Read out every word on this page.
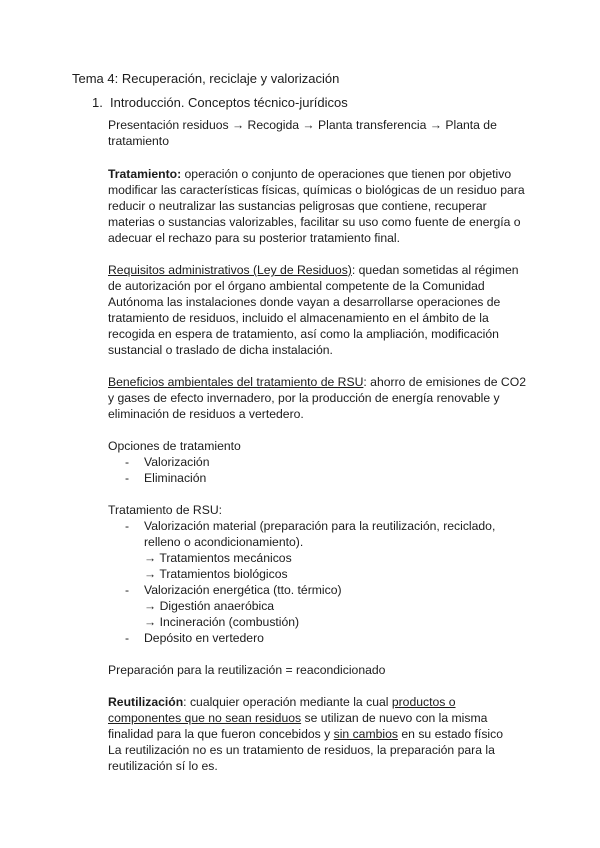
Tema 4: Recuperación, reciclaje y valorización
1. Introducción. Conceptos técnico-jurídicos
Presentación residuos → Recogida → Planta transferencia → Planta de
tratamiento
Tratamiento: operación o conjunto de operaciones que tienen por objetivo
modificar las características físicas, químicas o biológicas de un residuo para
reducir o neutralizar las sustancias peligrosas que contiene, recuperar
materias o sustancias valorizables, facilitar su uso como fuente de energía o
adecuar el rechazo para su posterior tratamiento final.
Requisitos administrativos (Ley de Residuos): quedan sometidas al régimen
de autorización por el órgano ambiental competente de la Comunidad
Autónoma las instalaciones donde vayan a desarrollarse operaciones de
tratamiento de residuos, incluido el almacenamiento en el ámbito de la
recogida en espera de tratamiento, así como la ampliación, modificación
sustancial o traslado de dicha instalación.
Beneficios ambientales del tratamiento de RSU: ahorro de emisiones de CO2
y gases de efecto invernadero, por la producción de energía renovable y
eliminación de residuos a vertedero.
Opciones de tratamiento
- Valorización
- Eliminación
Tratamiento de RSU:
- Valorización material (preparación para la reutilización, reciclado,
relleno o acondicionamiento).
→ Tratamientos mecánicos
→ Tratamientos biológicos
- Valorización energética (tto. térmico)
→ Digestión anaeróbica
→ Incineración (combustión)
- Depósito en vertedero
Preparación para la reutilización = reacondicionado
Reutilización: cualquier operación mediante la cual productos o
componentes que no sean residuos se utilizan de nuevo con la misma
finalidad para la que fueron concebidos y sin cambios en su estado físico
La reutilización no es un tratamiento de residuos, la preparación para la
reutilización sí lo es.
